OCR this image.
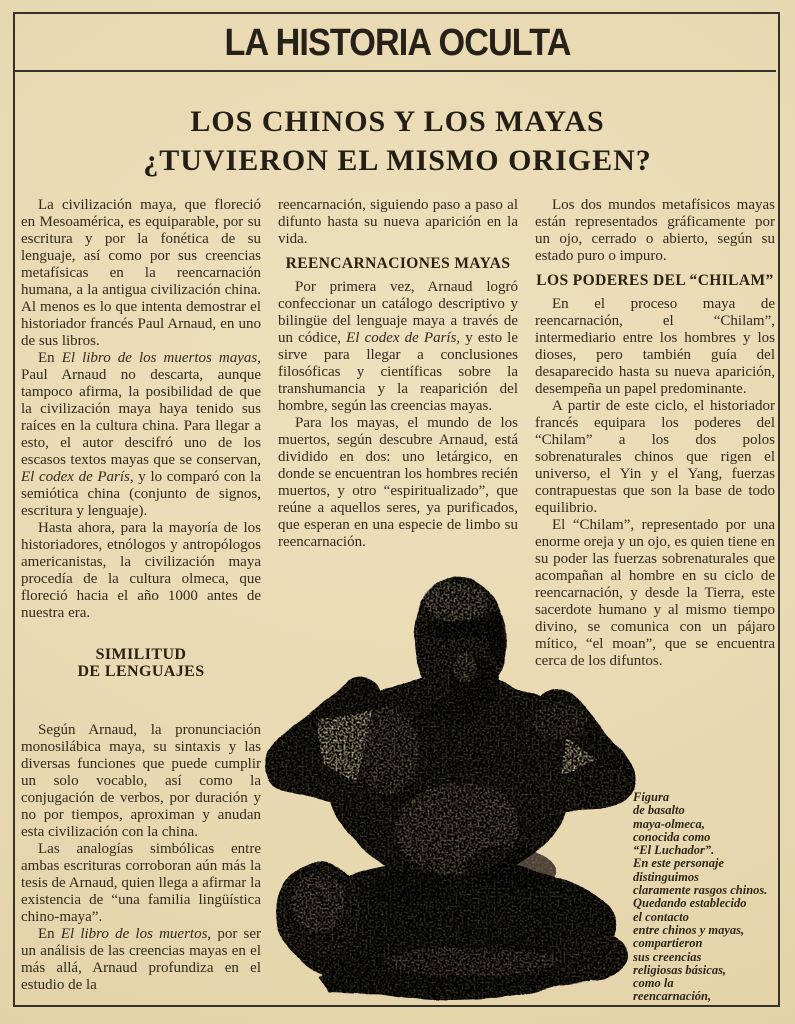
LA HISTORIA OCULTA
LOS CHINOS Y LOS MAYAS
¿TUVIERON EL MISMO ORIGEN?

La civilización maya, que floreció en Mesoamérica, es equiparable, por su escritura y por la fonética de su lenguaje, así como por sus creencias metafísicas en la reencarnación humana, a la antigua civilización china. Al menos es lo que intenta demostrar el historiador francés Paul Arnaud, en uno de sus libros.

En El libro de los muertos mayas, Paul Arnaud no descarta, aunque tampoco afirma, la posibilidad de que la civilización maya haya tenido sus raíces en la cultura china. Para llegar a esto, el autor descifró uno de los escasos textos mayas que se conservan, El codex de París, y lo comparó con la semiótica china (conjunto de signos, escritura y lenguaje).

Hasta ahora, para la mayoría de los historiadores, etnólogos y antropólogos americanistas, la civilización maya procedía de la cultura olmeca, que floreció hacia el año 1000 antes de nuestra era.

SIMILITUD
DE LENGUAJES

Según Arnaud, la pronunciación monosilábica maya, su sintaxis y las diversas funciones que puede cumplir un solo vocablo, así como la conjugación de verbos, por duración y no por tiempos, aproximan y anudan esta civilización con la china.

Las analogías simbólicas entre ambas escrituras corroboran aún más la tesis de Arnaud, quien llega a afirmar la existencia de “una familia lingüística chino-maya”.

En El libro de los muertos, por ser un análisis de las creencias mayas en el más allá, Arnaud profundiza en el estudio de la

reencarnación, siguiendo paso a paso al difunto hasta su nueva aparición en la vida.

REENCARNACIONES MAYAS

Por primera vez, Arnaud logró confeccionar un catálogo descriptivo y bilingüe del lenguaje maya a través de un códice, El codex de París, y esto le sirve para llegar a conclusiones filosóficas y científicas sobre la transhumancia y la reaparición del hombre, según las creencias mayas.

Para los mayas, el mundo de los muertos, según descubre Arnaud, está dividido en dos: uno letárgico, en donde se encuentran los hombres recién muertos, y otro “espiritualizado”, que reúne a aquellos seres, ya purificados, que esperan en una especie de limbo su reencarnación.

Los dos mundos metafísicos mayas están representados gráficamente por un ojo, cerrado o abierto, según su estado puro o impuro.

LOS PODERES DEL “CHILAM”

En el proceso maya de reencarnación, el “Chilam”, intermediario entre los hombres y los dioses, pero también guía del desaparecido hasta su nueva aparición, desempeña un papel predominante.

A partir de este ciclo, el historiador francés equipara los poderes del “Chilam” a los dos polos sobrenaturales chinos que rigen el universo, el Yin y el Yang, fuerzas contrapuestas que son la base de todo equilibrio.

El “Chilam”, representado por una enorme oreja y un ojo, es quien tiene en su poder las fuerzas sobrenaturales que acompañan al hombre en su ciclo de reencarnación, y desde la Tierra, este sacerdote humano y al mismo tiempo divino, se comunica con un pájaro mítico, “el moan”, que se encuentra cerca de los difuntos.

Figura
de basalto
maya-olmeca,
conocida como
“El Luchador”.
En este personaje
distinguimos
claramente rasgos chinos.
Quedando establecido
el contacto
entre chinos y mayas,
compartieron
sus creencias
religiosas básicas,
como la
reencarnación,
